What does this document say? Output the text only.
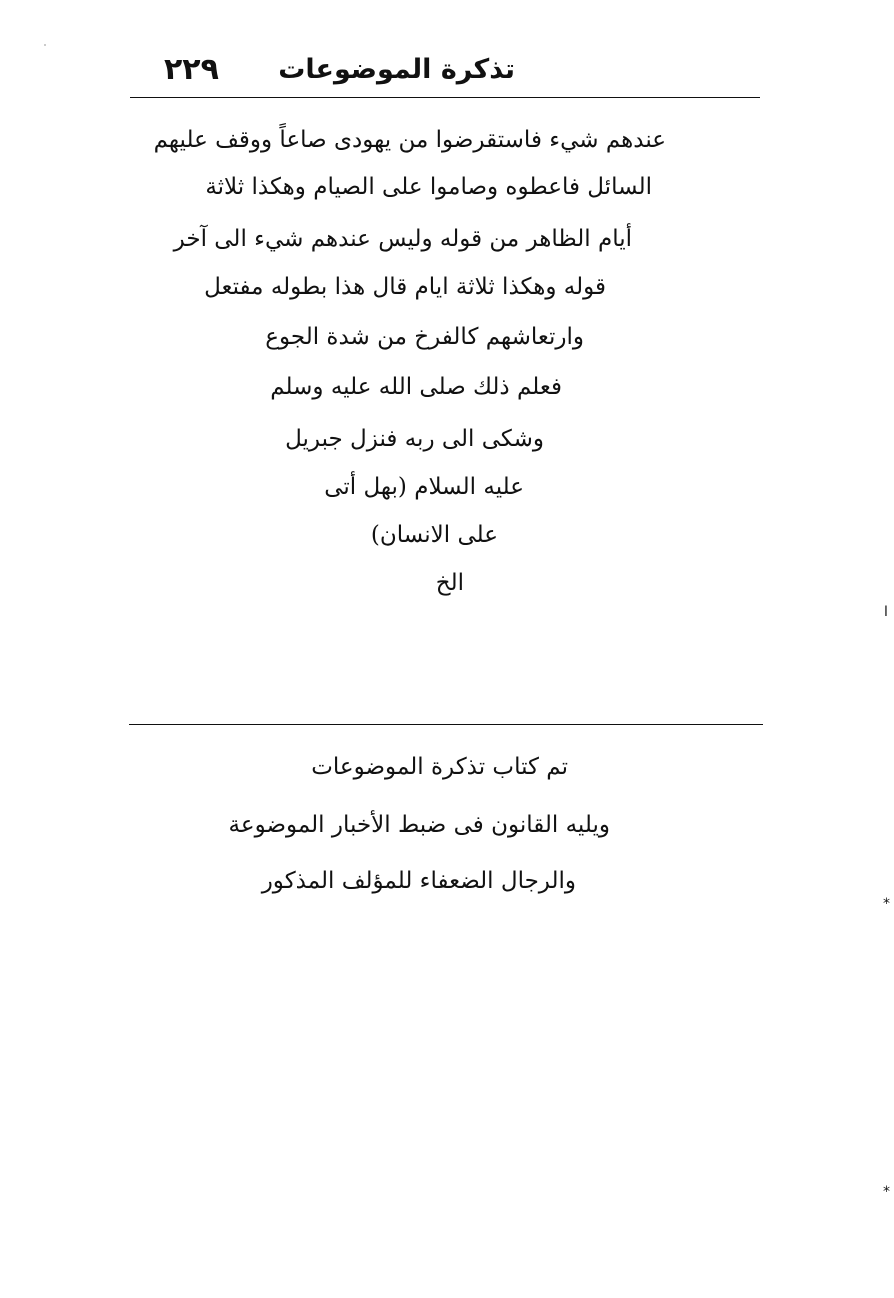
تذكرة الموضوعات
٢٢٩
عندهم شيء فاستقرضوا من يهودى صاعاً ووقف عليهم
السائل فاعطوه وصاموا على الصيام وهكذا ثلاثة
أيام الظاهر من قوله وليس عندهم شيء الى آخر
قوله وهكذا ثلاثة ايام قال هذا بطوله مفتعل
وارتعاشهم كالفرخ من شدة الجوع
فعلم ذلك صلى الله عليه وسلم
وشكى الى ربه فنزل جبريل
عليه السلام (بهل أتى
على الانسان)
الخ
تم كتاب تذكرة الموضوعات
ويليه القانون فى ضبط الأخبار الموضوعة
والرجال الضعفاء للمؤلف المذكور
ا
*
*
